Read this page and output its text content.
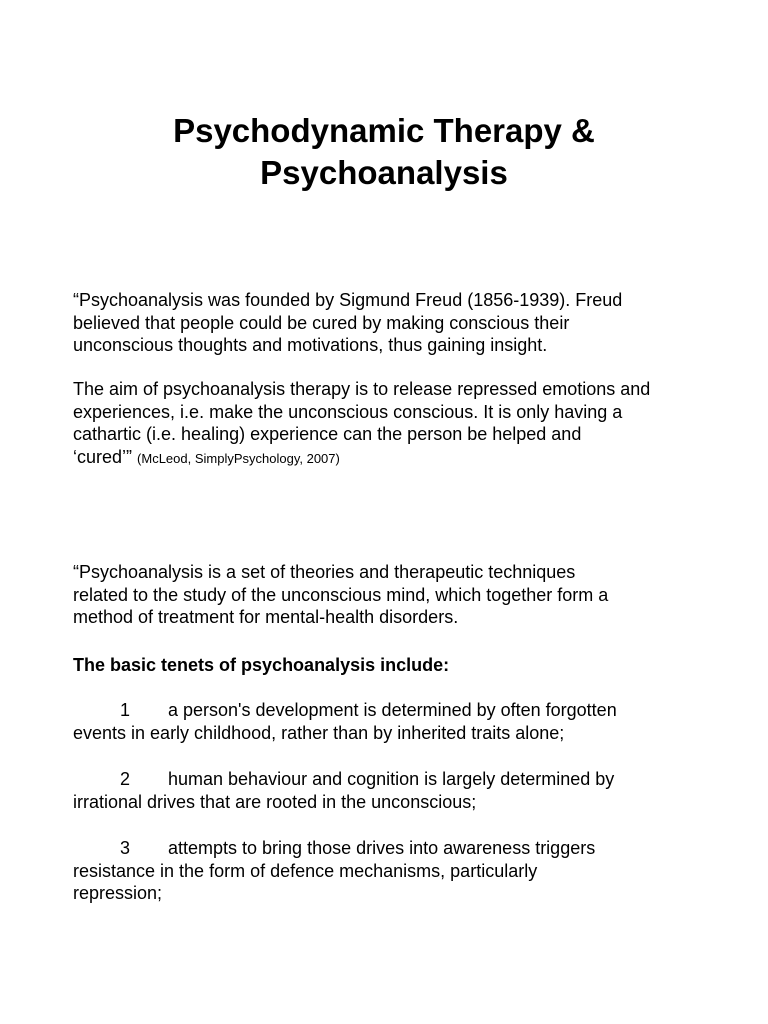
Psychodynamic Therapy &
Psychoanalysis

“Psychoanalysis was founded by Sigmund Freud (1856-1939). Freud
believed that people could be cured by making conscious their
unconscious thoughts and motivations, thus gaining insight.

The aim of psychoanalysis therapy is to release repressed emotions and
experiences, i.e. make the unconscious conscious. It is only having a
cathartic (i.e. healing) experience can the person be helped and
‘cured’” (McLeod, SimplyPsychology, 2007)

“Psychoanalysis is a set of theories and therapeutic techniques
related to the study of the unconscious mind, which together form a
method of treatment for mental-health disorders.

The basic tenets of psychoanalysis include:

1 a person's development is determined by often forgotten
events in early childhood, rather than by inherited traits alone;
2 human behaviour and cognition is largely determined by
irrational drives that are rooted in the unconscious;
3 attempts to bring those drives into awareness triggers
resistance in the form of defence mechanisms, particularly
repression;
